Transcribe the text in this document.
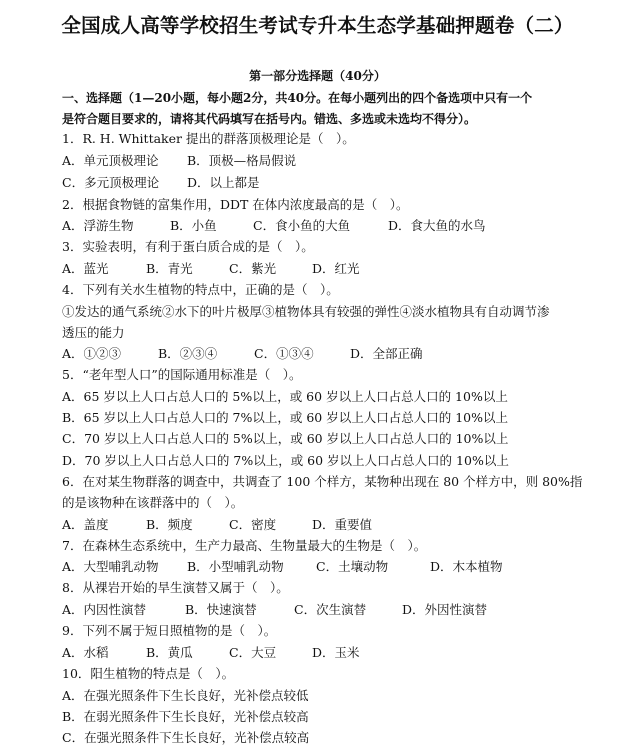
全国成人高等学校招生考试专升本生态学基础押题卷（二）
第一部分选择题（40分）

一、选择题（1—20小题，每小题2分，共40分。在每小题列出的四个备选项中只有一个

是符合题目要求的，请将其代码填写在括号内。错选、多选或未选均不得分）。

1．R. H. Whittaker 提出的群落顶极理论是（　）。
A．单元顶极理论 B．顶极—格局假说
C．多元顶极理论 D．以上都是
2．根据食物链的富集作用，DDT 在体内浓度最高的是（　）。
A．浮游生物	B．小鱼	C．食小鱼的大鱼	D．食大鱼的水鸟
3．实验表明，有利于蛋白质合成的是（　）。
A．蓝光	B．青光	C．紫光	D．红光
4．下列有关水生植物的特点中，正确的是（　）。
①发达的通气系统②水下的叶片极厚③植物体具有较强的弹性④淡水植物具有自动调节渗
透压的能力
A．①②③	B．②③④	C．①③④	D．全部正确
5．“老年型人口”的国际通用标准是（　）。
A．65 岁以上人口占总人口的 5%以上，或 60 岁以上人口占总人口的 10%以上
B．65 岁以上人口占总人口的 7%以上，或 60 岁以上人口占总人口的 10%以上
C．70 岁以上人口占总人口的 5%以上，或 60 岁以上人口占总人口的 10%以上
D．70 岁以上人口占总人口的 7%以上，或 60 岁以上人口占总人口的 10%以上
6．在对某生物群落的调查中，共调查了 100 个样方，某物种出现在 80 个样方中，则 80%指
的是该物种在该群落中的（　）。
A．盖度	B．频度	C．密度	D．重要值
7．在森林生态系统中，生产力最高、生物量最大的生物是（　）。
A．大型哺乳动物 B．小型哺乳动物	C．土壤动物	D．木本植物
8．从裸岩开始的旱生演替又属于（　）。
A．内因性演替	B．快速演替	C．次生演替	D．外因性演替
9．下列不属于短日照植物的是（　）。
A．水稻	B．黄瓜	C．大豆	D．玉米
10．阳生植物的特点是（　）。
A．在强光照条件下生长良好，光补偿点较低
B．在弱光照条件下生长良好，光补偿点较高
C．在强光照条件下生长良好，光补偿点较高
